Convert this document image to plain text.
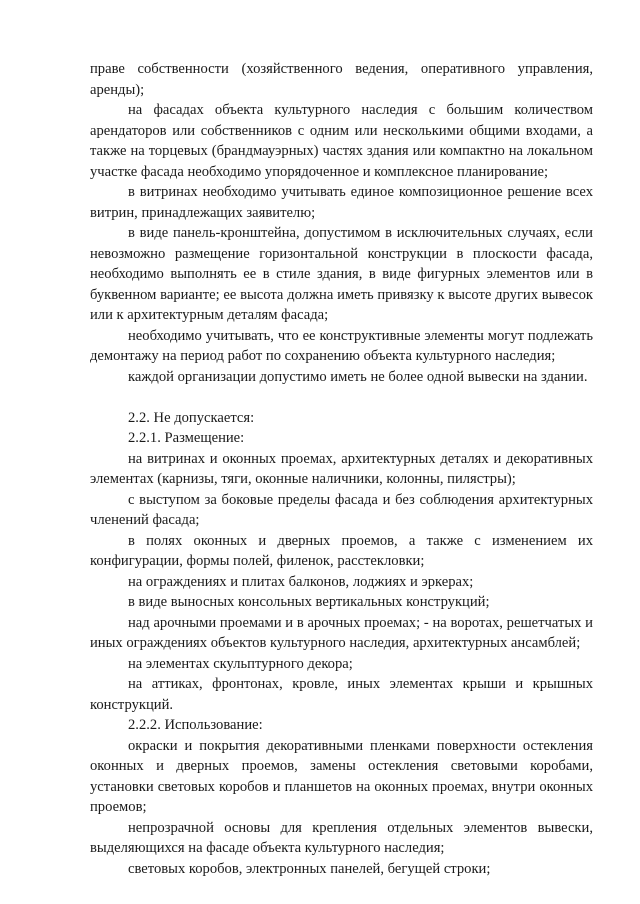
праве собственности (хозяйственного ведения, оперативного управления, аренды);

на фасадах объекта культурного наследия с большим количеством арендаторов или собственников с одним или несколькими общими входами, а также на торцевых (брандмауэрных) частях здания или компактно на локальном участке фасада необходимо упорядоченное и комплексное планирование;

в витринах необходимо учитывать единое композиционное решение всех витрин, принадлежащих заявителю;

в виде панель-кронштейна, допустимом в исключительных случаях, если невозможно размещение горизонтальной конструкции в плоскости фасада, необходимо выполнять ее в стиле здания, в виде фигурных элементов или в буквенном варианте; ее высота должна иметь привязку к высоте других вывесок или к архитектурным деталям фасада;

необходимо учитывать, что ее конструктивные элементы могут подлежать демонтажу на период работ по сохранению объекта культурного наследия;

каждой организации допустимо иметь не более одной вывески на здании.

2.2. Не допускается:

2.2.1. Размещение:

на витринах и оконных проемах, архитектурных деталях и декоративных элементах (карнизы, тяги, оконные наличники, колонны, пилястры);

с выступом за боковые пределы фасада и без соблюдения архитектурных членений фасада;

в полях оконных и дверных проемов, а также с изменением их конфигурации, формы полей, филенок, расстекловки;

на ограждениях и плитах балконов, лоджиях и эркерах;

в виде выносных консольных вертикальных конструкций;

над арочными проемами и в арочных проемах; - на воротах, решетчатых и иных ограждениях объектов культурного наследия, архитектурных ансамблей;

на элементах скульптурного декора;

на аттиках, фронтонах, кровле, иных элементах крыши и крышных конструкций.

2.2.2. Использование:

окраски и покрытия декоративными пленками поверхности остекления оконных и дверных проемов, замены остекления световыми коробами, установки световых коробов и планшетов на оконных проемах, внутри оконных проемов;

непрозрачной основы для крепления отдельных элементов вывески, выделяющихся на фасаде объекта культурного наследия;

световых коробов, электронных панелей, бегущей строки;
